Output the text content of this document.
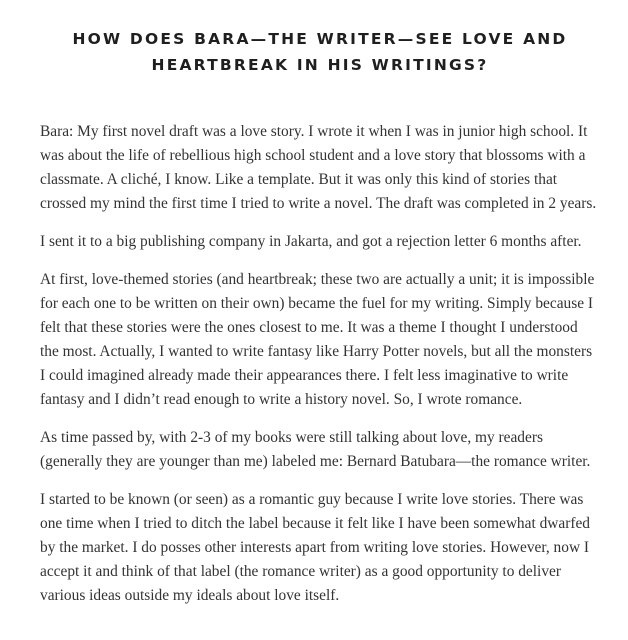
HOW DOES BARA—THE WRITER—SEE LOVE AND
HEARTBREAK IN HIS WRITINGS?

Bara: My first novel draft was a love story. I wrote it when I was in junior high school. It was about the life of rebellious high school student and a love story that blossoms with a classmate. A cliché, I know. Like a template. But it was only this kind of stories that crossed my mind the first time I tried to write a novel. The draft was completed in 2 years.

I sent it to a big publishing company in Jakarta, and got a rejection letter 6 months after.

At first, love-themed stories (and heartbreak; these two are actually a unit; it is impossible for each one to be written on their own) became the fuel for my writing. Simply because I felt that these stories were the ones closest to me. It was a theme I thought I understood the most. Actually, I wanted to write fantasy like Harry Potter novels, but all the monsters I could imagined already made their appearances there. I felt less imaginative to write fantasy and I didn’t read enough to write a history novel. So, I wrote romance.

As time passed by, with 2-3 of my books were still talking about love, my readers (generally they are younger than me) labeled me: Bernard Batubara—the romance writer.

I started to be known (or seen) as a romantic guy because I write love stories. There was one time when I tried to ditch the label because it felt like I have been somewhat dwarfed by the market. I do posses other interests apart from writing love stories. However, now I accept it and think of that label (the romance writer) as a good opportunity to deliver various ideas outside my ideals about love itself.
